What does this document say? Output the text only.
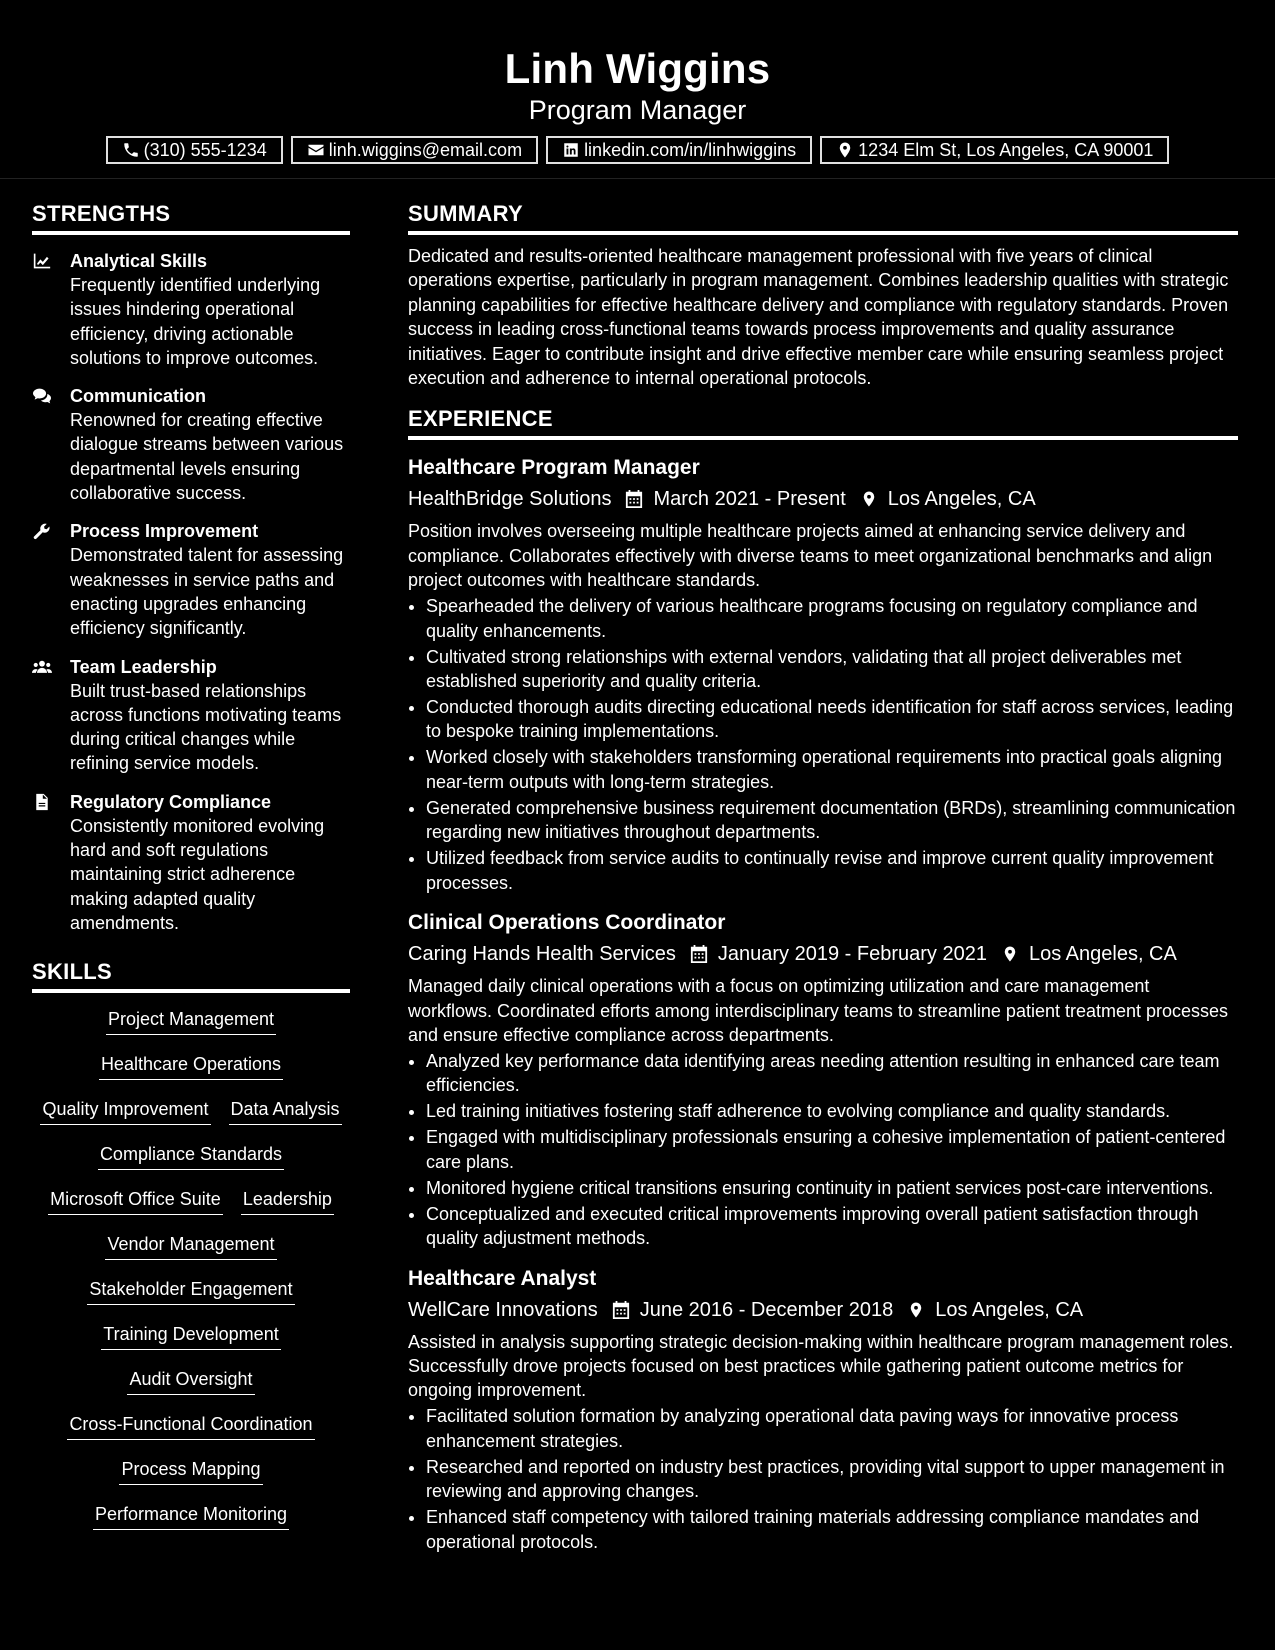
Linh Wiggins
Program Manager
(310) 555-1234	linh.wiggins@email.com	linkedin.com/in/linhwiggins	1234 Elm St, Los Angeles, CA 90001
STRENGTHS
Analytical Skills
Frequently identified underlying issues hindering operational efficiency, driving actionable solutions to improve outcomes.
Communication
Renowned for creating effective dialogue streams between various departmental levels ensuring collaborative success.
Process Improvement
Demonstrated talent for assessing weaknesses in service paths and enacting upgrades enhancing efficiency significantly.
Team Leadership
Built trust-based relationships across functions motivating teams during critical changes while refining service models.
Regulatory Compliance
Consistently monitored evolving hard and soft regulations maintaining strict adherence making adapted quality amendments.
SKILLS
Project Management
Healthcare Operations
Quality Improvement Data Analysis
Compliance Standards
Microsoft Office Suite Leadership
Vendor Management
Stakeholder Engagement
Training Development
Audit Oversight
Cross-Functional Coordination
Process Mapping
Performance Monitoring
SUMMARY
Dedicated and results-oriented healthcare management professional with five years of clinical operations expertise, particularly in program management. Combines leadership qualities with strategic planning capabilities for effective healthcare delivery and compliance with regulatory standards. Proven success in leading cross-functional teams towards process improvements and quality assurance initiatives. Eager to contribute insight and drive effective member care while ensuring seamless project execution and adherence to internal operational protocols.
EXPERIENCE
Healthcare Program Manager
HealthBridge Solutions March 2021 - Present Los Angeles, CA
Position involves overseeing multiple healthcare projects aimed at enhancing service delivery and compliance. Collaborates effectively with diverse teams to meet organizational benchmarks and align project outcomes with healthcare standards.
• Spearheaded the delivery of various healthcare programs focusing on regulatory compliance and quality enhancements.
• Cultivated strong relationships with external vendors, validating that all project deliverables met established superiority and quality criteria.
• Conducted thorough audits directing educational needs identification for staff across services, leading to bespoke training implementations.
• Worked closely with stakeholders transforming operational requirements into practical goals aligning near-term outputs with long-term strategies.
• Generated comprehensive business requirement documentation (BRDs), streamlining communication regarding new initiatives throughout departments.
• Utilized feedback from service audits to continually revise and improve current quality improvement processes.
Clinical Operations Coordinator
Caring Hands Health Services January 2019 - February 2021 Los Angeles, CA
Managed daily clinical operations with a focus on optimizing utilization and care management workflows. Coordinated efforts among interdisciplinary teams to streamline patient treatment processes and ensure effective compliance across departments.
• Analyzed key performance data identifying areas needing attention resulting in enhanced care team efficiencies.
• Led training initiatives fostering staff adherence to evolving compliance and quality standards.
• Engaged with multidisciplinary professionals ensuring a cohesive implementation of patient-centered care plans.
• Monitored hygiene critical transitions ensuring continuity in patient services post-care interventions.
• Conceptualized and executed critical improvements improving overall patient satisfaction through quality adjustment methods.
Healthcare Analyst
WellCare Innovations June 2016 - December 2018 Los Angeles, CA
Assisted in analysis supporting strategic decision-making within healthcare program management roles. Successfully drove projects focused on best practices while gathering patient outcome metrics for ongoing improvement.
• Facilitated solution formation by analyzing operational data paving ways for innovative process enhancement strategies.
• Researched and reported on industry best practices, providing vital support to upper management in reviewing and approving changes.
• Enhanced staff competency with tailored training materials addressing compliance mandates and operational protocols.
